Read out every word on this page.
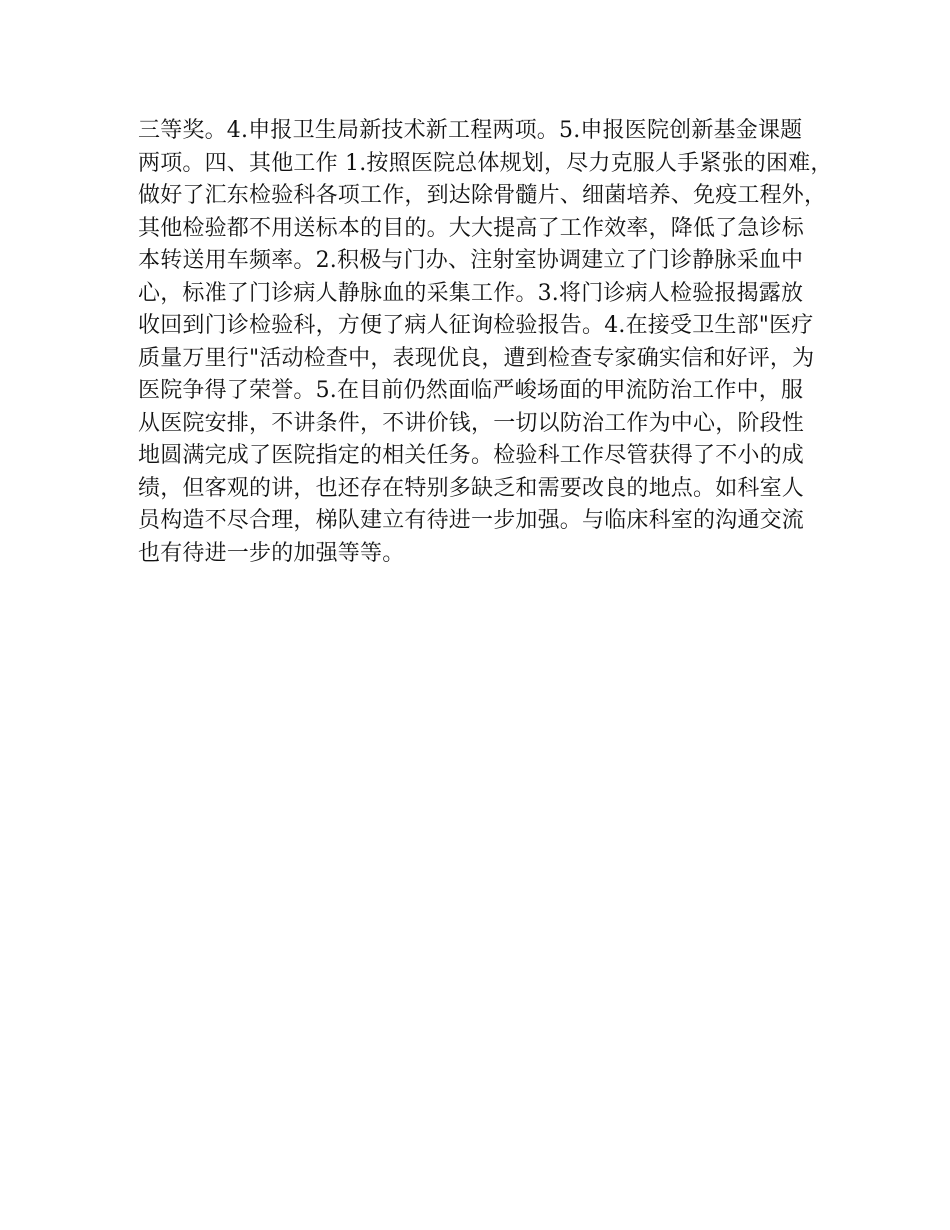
三等奖。4.申报卫生局新技术新工程两项。5.申报医院创新基金课题
两项。四、其他工作 1.按照医院总体规划，尽力克服人手紧张的困难，
做好了汇东检验科各项工作，到达除骨髓片、细菌培养、免疫工程外，
其他检验都不用送标本的目的。大大提高了工作效率，降低了急诊标
本转送用车频率。2.积极与门办、注射室协调建立了门诊静脉采血中
心，标准了门诊病人静脉血的采集工作。3.将门诊病人检验报揭露放
收回到门诊检验科，方便了病人征询检验报告。4.在接受卫生部"医疗
质量万里行"活动检查中，表现优良，遭到检查专家确实信和好评，为
医院争得了荣誉。5.在目前仍然面临严峻场面的甲流防治工作中，服
从医院安排，不讲条件，不讲价钱，一切以防治工作为中心，阶段性
地圆满完成了医院指定的相关任务。检验科工作尽管获得了不小的成
绩，但客观的讲，也还存在特别多缺乏和需要改良的地点。如科室人
员构造不尽合理，梯队建立有待进一步加强。与临床科室的沟通交流
也有待进一步的加强等等。
